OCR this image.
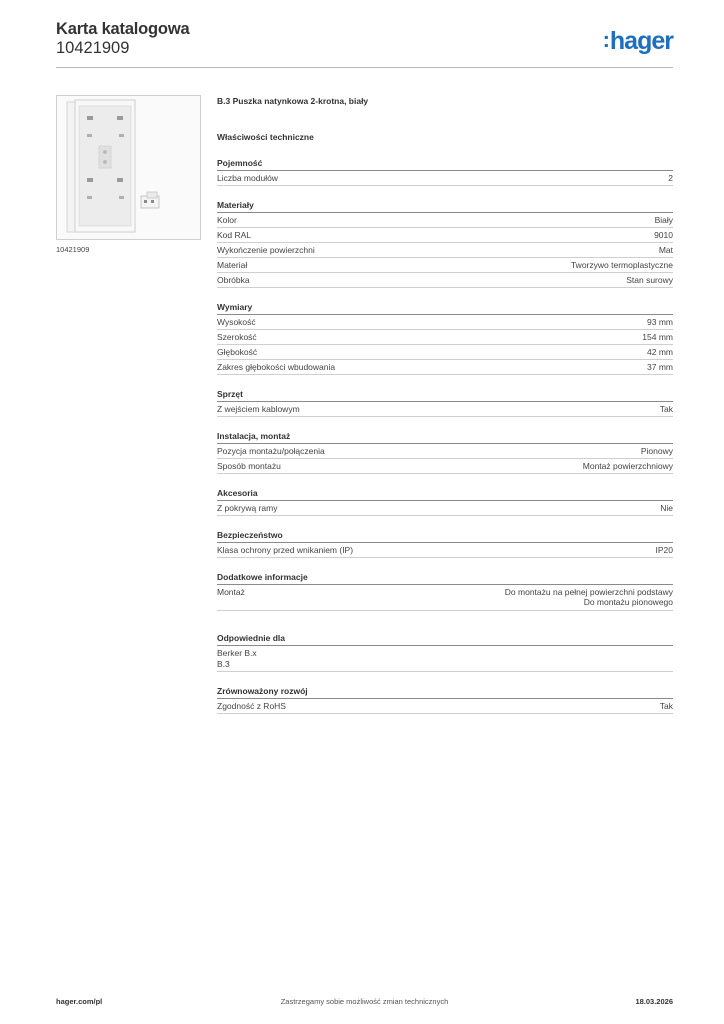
Karta katalogowa
10421909	:hager
10421909
B.3 Puszka natynkowa 2-krotna, biały
Właściwości techniczne
Pojemność
Liczba modułów	2
Materiały
Kolor	Biały
Kod RAL	9010
Wykończenie powierzchni	Mat
Materiał	Tworzywo termoplastyczne
Obróbka	Stan surowy
Wymiary
Wysokość	93 mm
Szerokość	154 mm
Głębokość	42 mm
Zakres głębokości wbudowania	37 mm
Sprzęt
Z wejściem kablowym	Tak
Instalacja, montaż
Pozycja montażu/połączenia	Pionowy
Sposób montażu	Montaż powierzchniowy
Akcesoria
Z pokrywą ramy	Nie
Bezpieczeństwo
Klasa ochrony przed wnikaniem (IP)	IP20
Dodatkowe informacje
Montaż	Do montażu na pełnej powierzchni podstawy
Do montażu pionowego
Odpowiednie dla
Berker B.x
B.3
Zrównoważony rozwój
Zgodność z RoHS	Tak
hager.com/pl	Zastrzegamy sobie możliwość zmian technicznych	18.03.2026
